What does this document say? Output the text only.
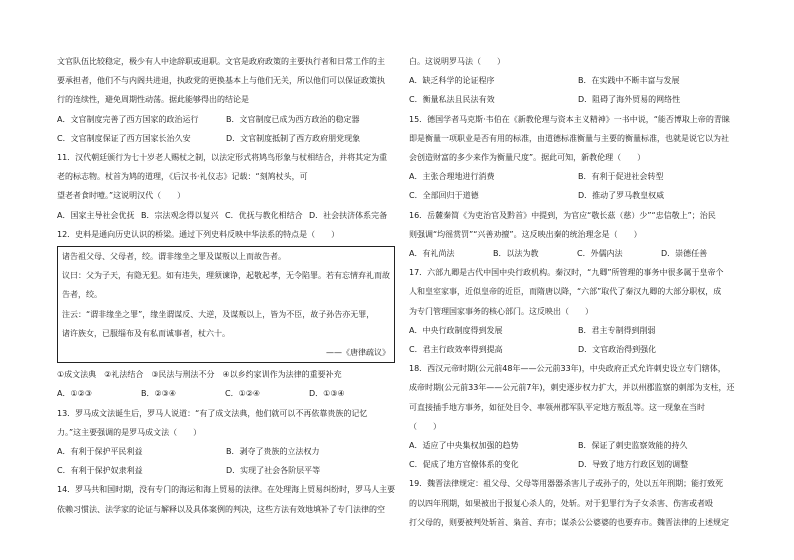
文官队伍比较稳定，极少有人中途辞职或退职。文官是政府政策的主要执行者和日常工作的主

要承担者，他们不与内阁共进退，执政党的更换基本上与他们无关，所以他们可以保证政策执

行的连续性，避免周期性动荡。据此能够得出的结论是

A．文官制度完善了西方国家的政治运行	B．文官制度已成为西方政治的稳定器
C．文官制度保证了西方国家长治久安	D．文官制度抵制了西方政府朋党现象

11．汉代朝廷颁行为七十岁老人赐杖之制，以法定形式将鸠鸟形象与杖相结合，并将其定为重

老的标志物。杖首为鸠的道理，《后汉书·礼仪志》记载：“刻鸠杖头，可

望老者食时噎。”这说明汉代（　　）

A．国家主导社会优抚 B．宗法观念得以复兴 C．优抚与教化相结合 D．社会扶济体系完备

12．史料是通向历史认识的桥梁。通过下列史料反映中华法系的特点是（　　）

诸告祖父母、父母者，绞。谓非缘坐之罪及谋叛以上而故告者。

议曰：父为子天，有隐无犯。如有违失，理须谏诤，起敬起孝，无令陷罪。若有忘情弃礼而故

告者，绞。

注云：“谓非缘坐之罪”，缘坐谓谋反、大逆，及谋叛以上，皆为不臣，故子孙告亦无罪，

诸许族女，已服缁布及有私而诚事者，杖六十。

——《唐律疏议》

①成文法典　②礼法结合　③民法与刑法不分　④以乡约家训作为法律的重要补充

A．①②③	B．②③④	C．①②④	D．①③④

13．罗马成文法诞生后，罗马人说道：“有了成文法典，他们就可以不再依靠贵族的记忆

力。”这主要强调的是罗马成文法（　　）

A．有利于保护平民利益	B．剥夺了贵族的立法权力
C．有利于保护奴隶利益	D．实现了社会各阶层平等

14．罗马共和国时期，没有专门的海运和海上贸易的法律。在处理海上贸易纠纷时，罗马人主要

依赖习惯法、法学家的论证与解释以及具体案例的判决，这些方法有效地填补了专门法律的空

白。这说明罗马法（　　）

A．缺乏科学的论证程序	B．在实践中不断丰富与发展
C．衡量私法且民法有效	D．阻碍了海外贸易的网络性

15．德国学者马克斯·韦伯在《新教伦理与资本主义精神》一书中说，“能否博取上帝的青睐

即是衡量一项职业是否有用的标准，由道德标准衡量与主要的衡量标准，也就是说它以为社

会创造财富的多少来作为衡量尺度”。据此可知，新教伦理（　　）

A．主张合理地进行消费	B．有利于促进社会转型
C．全部回归于道德	D．推动了罗马教皇权威

16．岳麓秦简《为吏治官及黔首》中提到，为官应“敬长茲（慈）少”“忠信敬上”；治民

则强调“均徭赏罚”“兴善劝擅”。这反映出秦的统治理念是（　　）

A．有礼尚法	B．以法为教	C．外儒内法	D．崇德任善

17．六部九卿是古代中国中央行政机构。秦汉时，“九卿”所管理的事务中很多属于皇帝个

人和皇室家事，近似皇帝的近臣，而隋唐以降，“六部”取代了秦汉九卿的大部分职权，成

为专门管理国家事务的核心部门。这反映出（　　）

A．中央行政制度得到发展	B．君主专制得到削弱
C．君主行政效率得到提高	D．文官政治得到强化

18．西汉元帝时期(公元前48年——公元前33年)，中央政府正式允许刺史设立专门辖体，

成帝时期(公元前33年——公元前7年)，刺史逐步权力扩大，并以州郡监察的刺部为支柱，还

可直接插手地方事务，如征处目令、率领州郡军队平定地方叛乱等。这一现象在当时

（　　）

A．适应了中央集权加强的趋势	B．保证了刺史监察效能的持久
C．促成了地方官僚体系的变化	D．导致了地方行政区划的调整

19．魏晋法律规定：祖父母、父母等用器器杀害儿子或孙子的，处以五年刑期；能打致死

的以四年刑期，如果被出于报复心杀人的，处斩。对于犯罪行为子女杀害、伤害或者殴

打父母的，则要被判处斩首、枭首、弃市；谋杀公公婆婆的也要弃市。魏晋法律的上述规定
